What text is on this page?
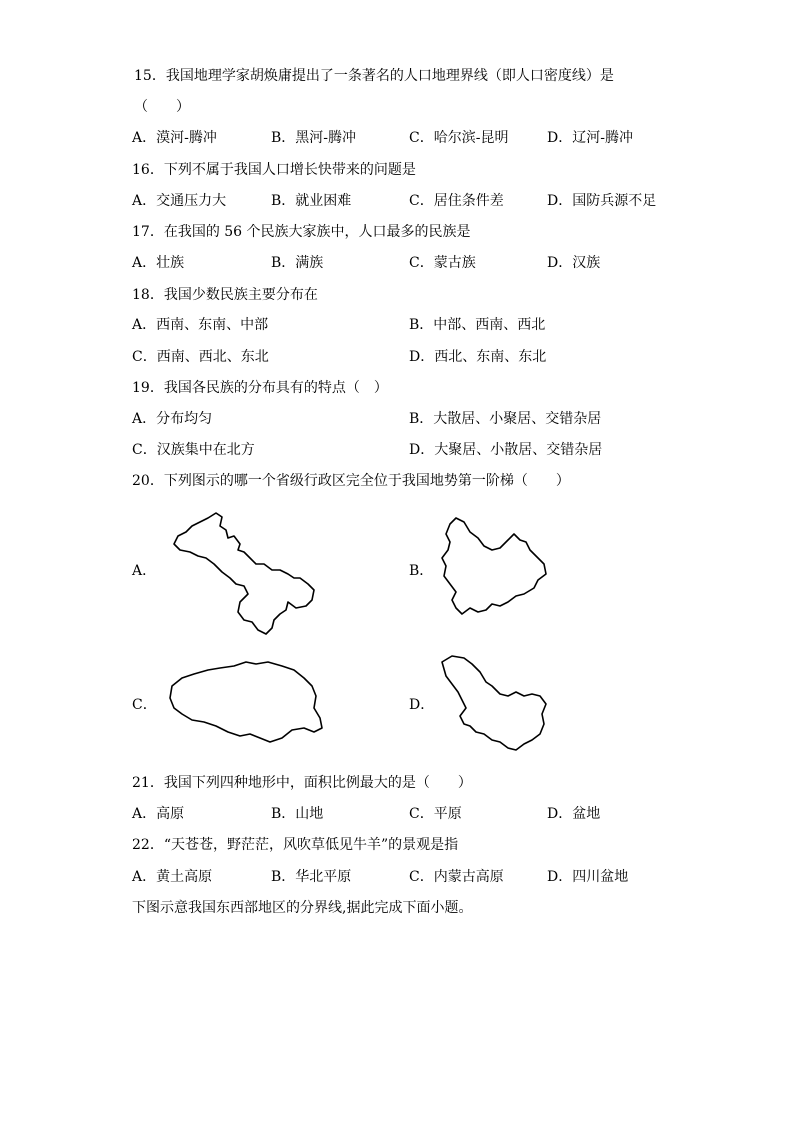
15．我国地理学家胡焕庸提出了一条著名的人口地理界线（即人口密度线）是
（　　）
A．漠河-腾冲	B．黑河-腾冲	C．哈尔滨-昆明	D．辽河-腾冲
16．下列不属于我国人口增长快带来的问题是
A．交通压力大	B．就业困难	C．居住条件差	D．国防兵源不足
17．在我国的 56 个民族大家族中，人口最多的民族是
A．壮族	B．满族	C．蒙古族	D．汉族
18．我国少数民族主要分布在
A．西南、东南、中部	B．中部、西南、西北
C．西南、西北、东北	D．西北、东南、东北
19．我国各民族的分布具有的特点（　）
A．分布均匀	B．大散居、小聚居、交错杂居
C．汉族集中在北方	D．大聚居、小散居、交错杂居
20．下列图示的哪一个省级行政区完全位于我国地势第一阶梯（　　）
A．	B．
C．	D．
21．我国下列四种地形中，面积比例最大的是（　　）
A．高原	B．山地	C．平原	D．盆地
22．“天苍苍，野茫茫，风吹草低见牛羊”的景观是指
A．黄土高原	B．华北平原	C．内蒙古高原	D．四川盆地
下图示意我国东西部地区的分界线,据此完成下面小题。
